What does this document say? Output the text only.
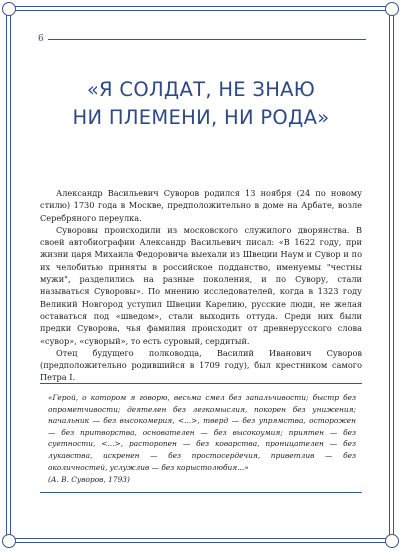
6
«Я СОЛДАТ, НЕ ЗНАЮ
НИ ПЛЕМЕНИ, НИ РОДА»

Александр Васильевич Суворов родился 13 ноября (24 по новому стилю) 1730 года в Москве, предположительно в доме на Арбате, возле Серебряного переулка.

Суворовы происходили из московского служилого дворянства. В своей автобиографии Александр Васильевич писал: «В 1622 году, при жизни царя Михаила Федоровича выехали из Швеции Наум и Сувор и по их челобитью приняты в российское подданство, именуемы "честны мужи", разделились на разные поколения, и по Сувору, стали называться Суворовы». По мнению исследователей, когда в 1323 году Великий Новгород уступил Швеции Карелию, русские люди, не желая оставаться под «шведом», стали выходить оттуда. Среди них были предки Суворова, чья фамилия происходит от древнерусского слова «сувор», «суворый», то есть суровый, сердитый.

Отец будущего полководца, Василий Иванович Суворов (предположительно родившийся в 1709 году), был крестником самого Петра I.

«Герой, о котором я говорю, весьма смел без запальчивости; быстр без опрометчивости; деятелен без легкомыслия, покорен без унижения; начальник — без высокомерия, <...>, тверд — без упрямства, осторожен — без притворства, основателен — без высокоумия; приятен — без суетности, <...>, расторопен — без коварства, проницателен — без лукавства, искренен — без простосердечия, приветлив — без околичностей, услужлив — без корыстолюбия...»
(А. В. Суворов, 1793)
